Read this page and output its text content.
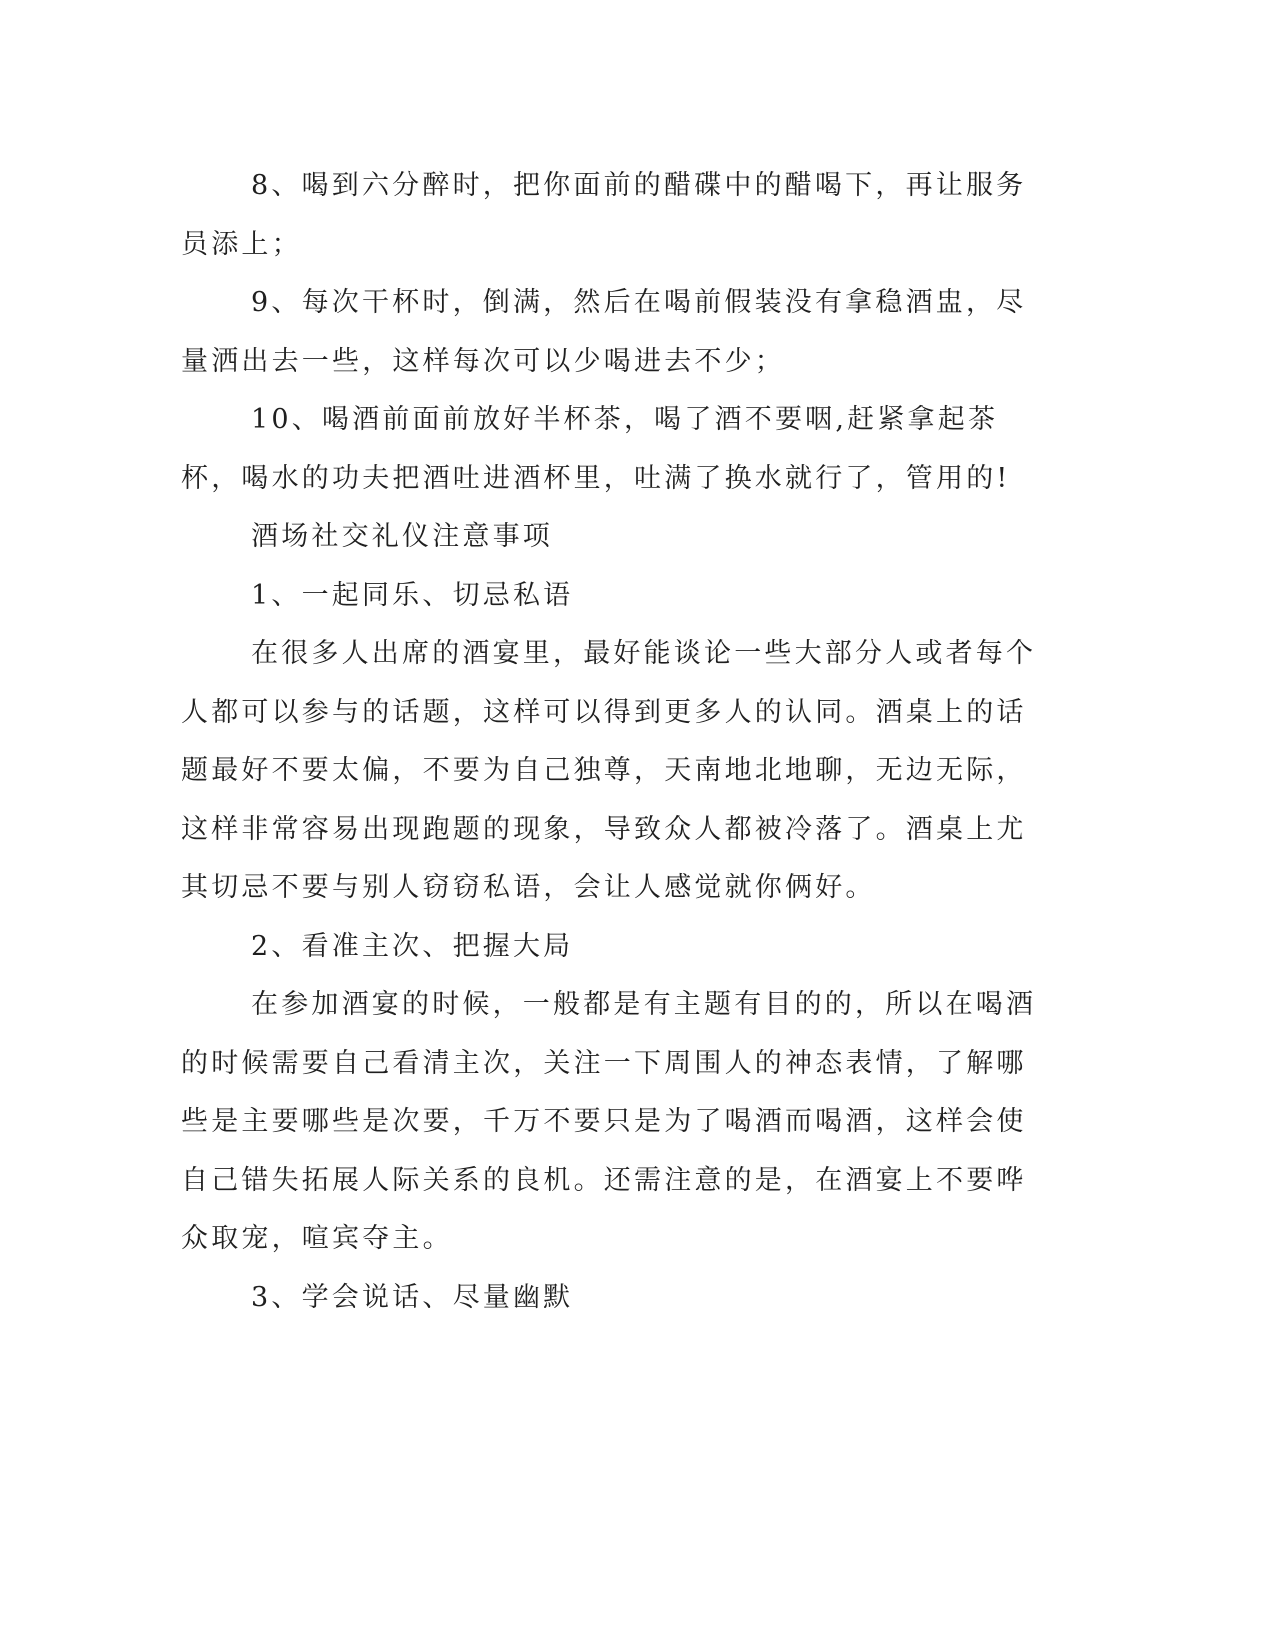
8、喝到六分醉时，把你面前的醋碟中的醋喝下，再让服务员添上；

9、每次干杯时，倒满，然后在喝前假装没有拿稳酒盅，尽量洒出去一些，这样每次可以少喝进去不少；

10、喝酒前面前放好半杯茶，喝了酒不要咽,赶紧拿起茶杯，喝水的功夫把酒吐进酒杯里，吐满了换水就行了，管用的!

酒场社交礼仪注意事项

1、一起同乐、切忌私语

在很多人出席的酒宴里，最好能谈论一些大部分人或者每个人都可以参与的话题，这样可以得到更多人的认同。酒桌上的话题最好不要太偏，不要为自己独尊，天南地北地聊，无边无际，这样非常容易出现跑题的现象，导致众人都被冷落了。酒桌上尤其切忌不要与别人窃窃私语，会让人感觉就你俩好。

2、看准主次、把握大局

在参加酒宴的时候，一般都是有主题有目的的，所以在喝酒的时候需要自己看清主次，关注一下周围人的神态表情，了解哪些是主要哪些是次要，千万不要只是为了喝酒而喝酒，这样会使自己错失拓展人际关系的良机。还需注意的是，在酒宴上不要哗众取宠，喧宾夺主。

3、学会说话、尽量幽默
